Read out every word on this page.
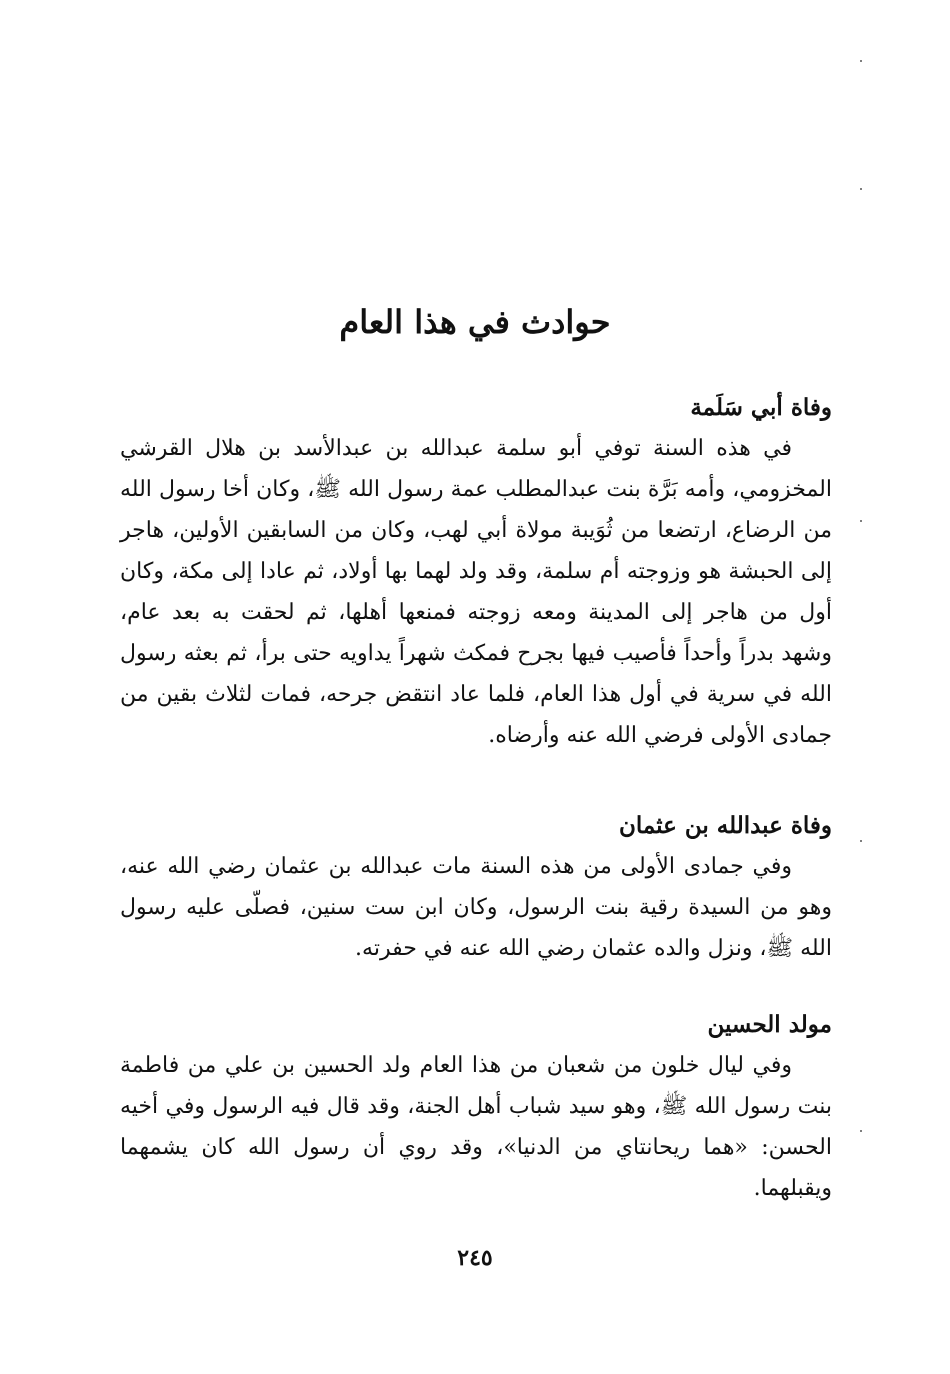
حوادث في هذا العام
وفاة أبي سَلَمة

في هذه السنة توفي أبو سلمة عبدالله بن عبدالأسد بن هلال القرشي المخزومي، وأمه بَرَّة بنت عبدالمطلب عمة رسول الله ﷺ، وكان أخا رسول الله من الرضاع، ارتضعا من ثُوَيبة مولاة أبي لهب، وكان من السابقين الأولين، هاجر إلى الحبشة هو وزوجته أم سلمة، وقد ولد لهما بها أولاد، ثم عادا إلى مكة، وكان أول من هاجر إلى المدينة ومعه زوجته فمنعها أهلها، ثم لحقت به بعد عام، وشهد بدراً وأحداً فأصيب فيها بجرح فمكث شهراً يداويه حتى برأ، ثم بعثه رسول الله في سرية في أول هذا العام، فلما عاد انتقض جرحه، فمات لثلاث بقين من جمادى الأولى فرضي الله عنه وأرضاه.

وفاة عبدالله بن عثمان

وفي جمادى الأولى من هذه السنة مات عبدالله بن عثمان رضي الله عنه، وهو من السيدة رقية بنت الرسول، وكان ابن ست سنين، فصلّى عليه رسول الله ﷺ، ونزل والده عثمان رضي الله عنه في حفرته.

مولد الحسين

وفي ليال خلون من شعبان من هذا العام ولد الحسين بن علي من فاطمة بنت رسول الله ﷺ، وهو سيد شباب أهل الجنة، وقد قال فيه الرسول وفي أخيه الحسن: «هما ريحانتاي من الدنيا»، وقد روي أن رسول الله كان يشمهما ويقبلهما.

٢٤٥
